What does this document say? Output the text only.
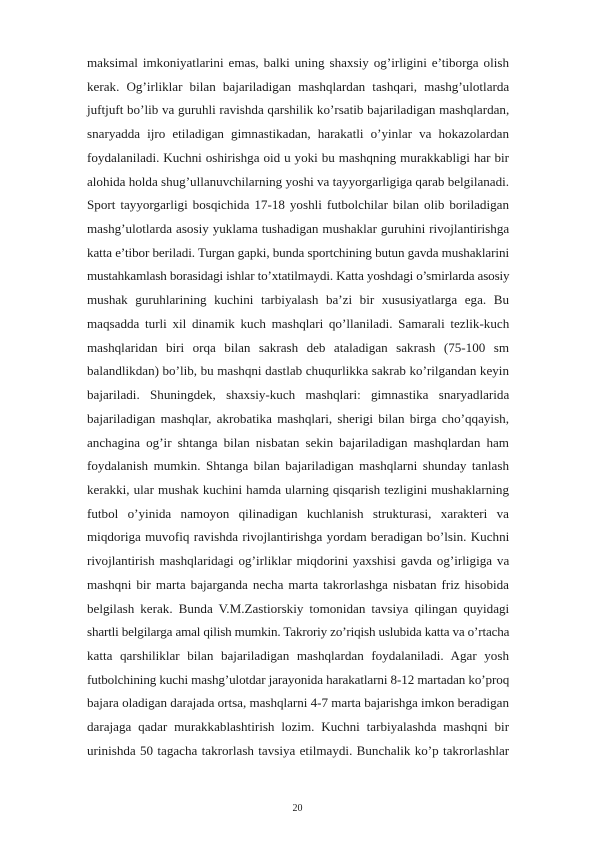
maksimal imkoniyatlarini emas, balki uning shaxsiy og’irligini e’tiborga olish
kerak. Og’irliklar bilan bajariladigan mashqlardan tashqari, mashg’ulotlarda
juftjuft bo’lib va guruhli ravishda qarshilik ko’rsatib bajariladigan mashqlardan,
snaryadda ijro etiladigan gimnastikadan, harakatli o’yinlar va hokazolardan
foydalaniladi. Kuchni oshirishga oid u yoki bu mashqning murakkabligi har bir
alohida holda shug’ullanuvchilarning yoshi va tayyorgarligiga qarab belgilanadi.
Sport tayyorgarligi bosqichida 17-18 yoshli futbolchilar bilan olib boriladigan
mashg’ulotlarda asosiy yuklama tushadigan mushaklar guruhini rivojlantirishga
katta e’tibor beriladi. Turgan gapki, bunda sportchining butun gavda mushaklarini
mustahkamlash borasidagi ishlar to’xtatilmaydi. Katta yoshdagi o’smirlarda asosiy
mushak guruhlarining kuchini tarbiyalash ba’zi bir xususiyatlarga ega. Bu
maqsadda turli xil dinamik kuch mashqlari qo’llaniladi. Samarali tezlik-kuch
mashqlaridan biri orqa bilan sakrash deb ataladigan sakrash (75-100 sm
balandlikdan) bo’lib, bu mashqni dastlab chuqurlikka sakrab ko’rilgandan keyin
bajariladi. Shuningdek, shaxsiy-kuch mashqlari: gimnastika snaryadlarida
bajariladigan mashqlar, akrobatika mashqlari, sherigi bilan birga cho’qqayish,
anchagina og’ir shtanga bilan nisbatan sekin bajariladigan mashqlardan ham
foydalanish mumkin. Shtanga bilan bajariladigan mashqlarni shunday tanlash
kerakki, ular mushak kuchini hamda ularning qisqarish tezligini mushaklarning
futbol o’yinida namoyon qilinadigan kuchlanish strukturasi, xarakteri va
miqdoriga muvofiq ravishda rivojlantirishga yordam beradigan bo’lsin. Kuchni
rivojlantirish mashqlaridagi og’irliklar miqdorini yaxshisi gavda og’irligiga va
mashqni bir marta bajarganda necha marta takrorlashga nisbatan friz hisobida
belgilash kerak. Bunda V.M.Zastiorskiy tomonidan tavsiya qilingan quyidagi
shartli belgilarga amal qilish mumkin. Takroriy zo’riqish uslubida katta va o’rtacha
katta qarshiliklar bilan bajariladigan mashqlardan foydalaniladi. Agar yosh
futbolchining kuchi mashg’ulotdar jarayonida harakatlarni 8-12 martadan ko’proq
bajara oladigan darajada ortsa, mashqlarni 4-7 marta bajarishga imkon beradigan
darajaga qadar murakkablashtirish lozim. Kuchni tarbiyalashda mashqni bir
urinishda 50 tagacha takrorlash tavsiya etilmaydi. Bunchalik ko’p takrorlashlar
20
